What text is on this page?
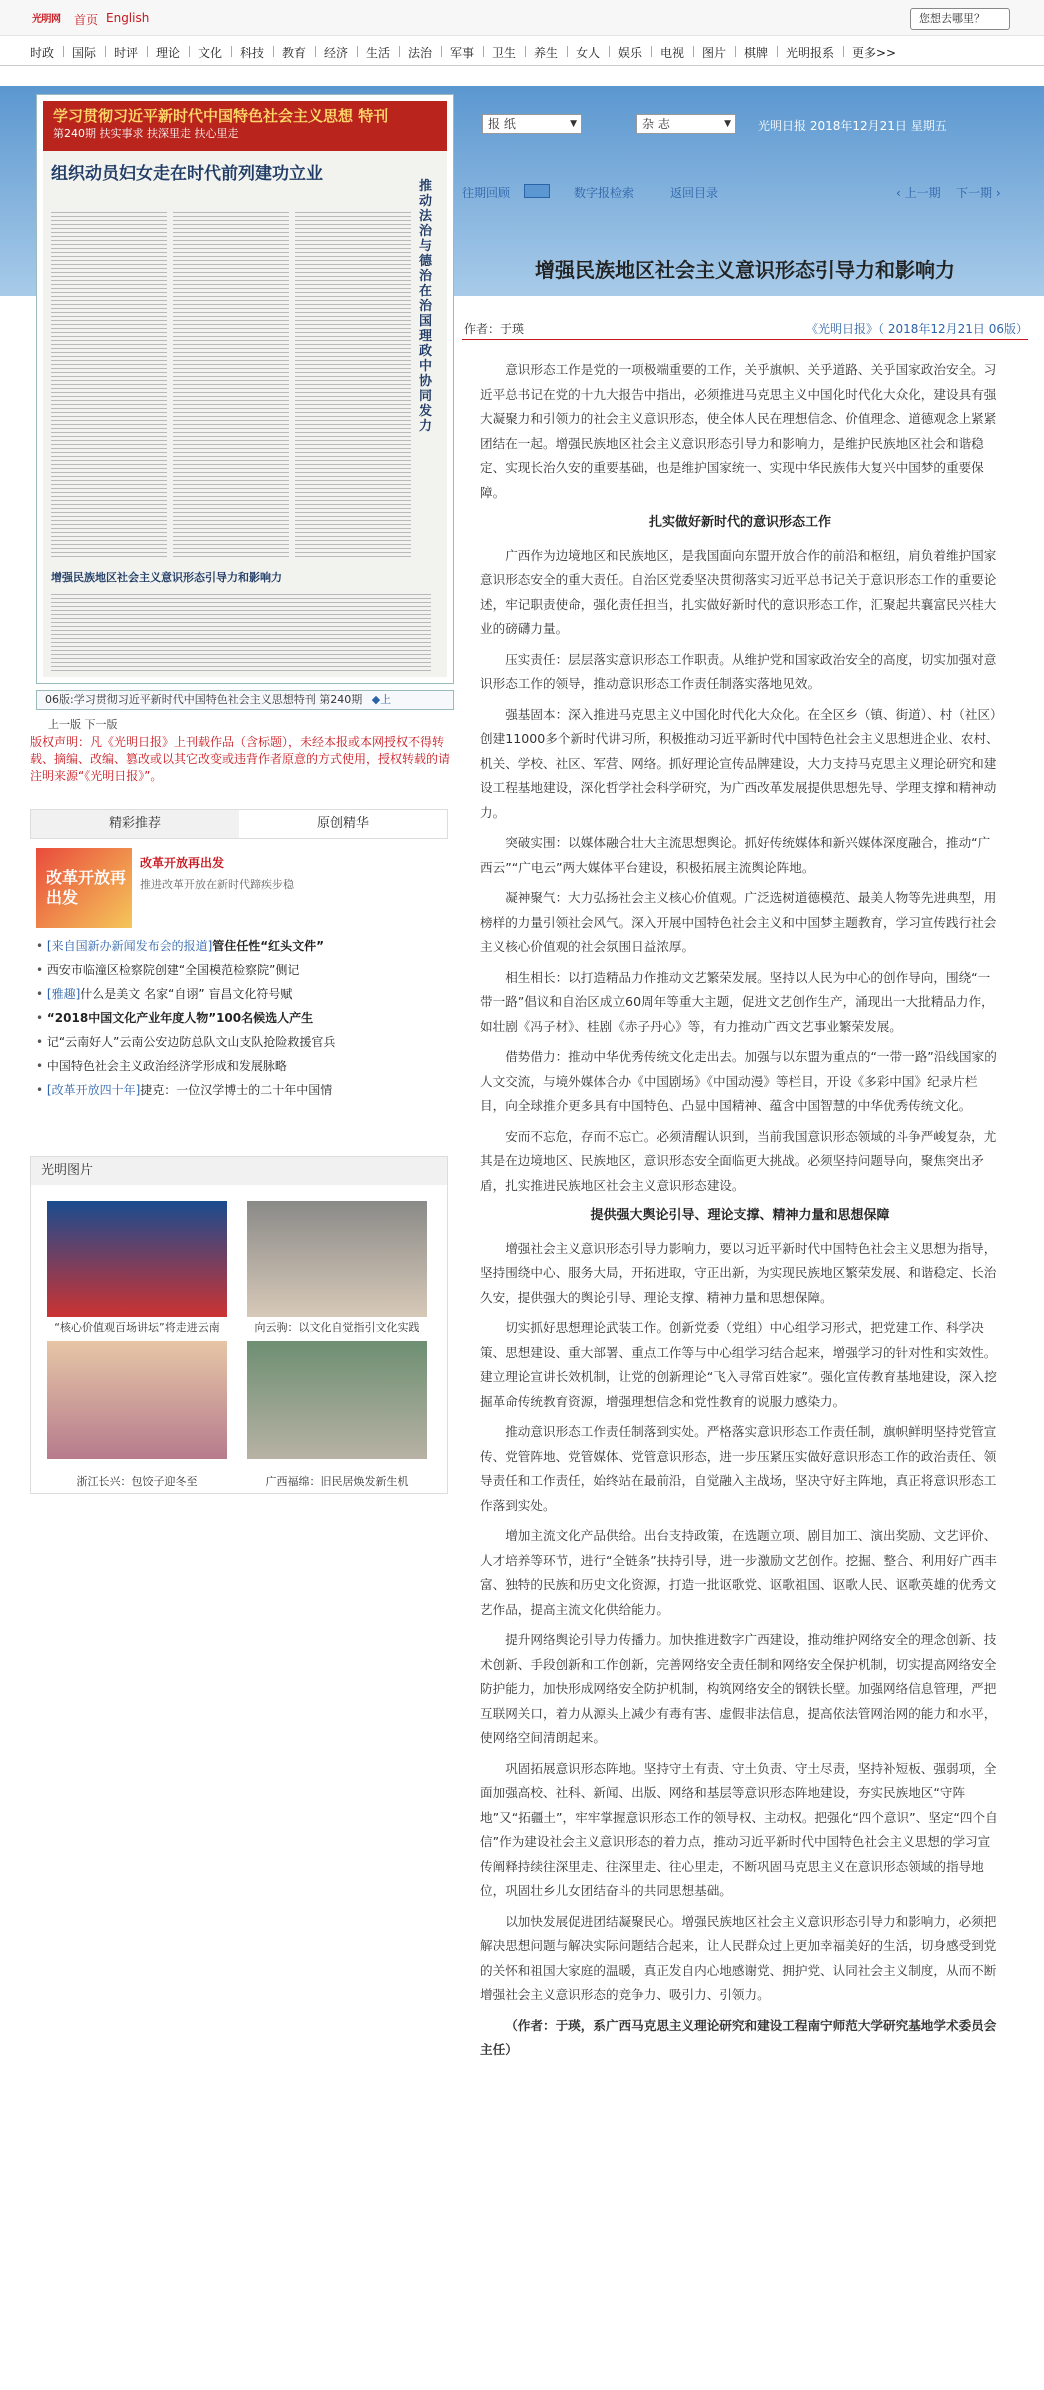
光明网	首页 English	您想去哪里？
时政 国际 时评 理论 文化 科技 教育 经济 生活 法治 军事 卫生 养生 女人 娱乐 电视 图片 棋牌 光明报系 更多>>
学习贯彻习近平新时代中国特色社会主义思想 特刊
第240期 扶实事求 扶深里走 扶心里走
组织动员妇女走在时代前列建功立业
推动法治与德治在治国理政中协同发力
增强民族地区社会主义意识形态引导力和影响力
06版:学习贯彻习近平新时代中国特色社会主义思想特刊 第240期 ◆上
上一版 下一版
版权声明：凡《光明日报》上刊载作品（含标题），未经本报或本网授权不得转载、摘编、改编、篡改或以其它改变或违背作者原意的方式使用，授权转载的请注明来源“《光明日报》”。
精彩推荐	原创精华
改革开放再出发
改革开放再出发
推进改革开放在新时代蹄疾步稳
• [来自国新办新闻发布会的报道]管住任性“红头文件”
• 西安市临潼区检察院创建“全国模范检察院”侧记
• [雅趣]什么是美文 名家“自诩” 盲昌文化符号赋
• “2018中国文化产业年度人物”100名候选人产生
• 记“云南好人”云南公安边防总队文山支队抢险救援官兵
• 中国特色社会主义政治经济学形成和发展脉略
• [改革开放四十年]捷克：一位汉学博士的二十年中国情
光明图片
“核心价值观百场讲坛”将走进云南	向云驹：以文化自觉指引文化实践
浙江长兴：包饺子迎冬至	广西福绵：旧民居焕发新生机
报 纸 ▼	杂 志 ▼	光明日报 2018年12月21日 星期五
往期回顾	数字报检索	返回目录	‹ 上一期 下一期 ›
增强民族地区社会主义意识形态引导力和影响力
作者：于瑛	《光明日报》（ 2018年12月21日 06版）

意识形态工作是党的一项极端重要的工作，关乎旗帜、关乎道路、关乎国家政治安全。习近平总书记在党的十九大报告中指出，必须推进马克思主义中国化时代化大众化，建设具有强大凝聚力和引领力的社会主义意识形态，使全体人民在理想信念、价值理念、道德观念上紧紧团结在一起。增强民族地区社会主义意识形态引导力和影响力，是维护民族地区社会和谐稳定、实现长治久安的重要基础，也是维护国家统一、实现中华民族伟大复兴中国梦的重要保障。

扎实做好新时代的意识形态工作

广西作为边境地区和民族地区，是我国面向东盟开放合作的前沿和枢纽，肩负着维护国家意识形态安全的重大责任。自治区党委坚决贯彻落实习近平总书记关于意识形态工作的重要论述，牢记职责使命，强化责任担当，扎实做好新时代的意识形态工作，汇聚起共襄富民兴桂大业的磅礴力量。

压实责任：层层落实意识形态工作职责。从维护党和国家政治安全的高度，切实加强对意识形态工作的领导，推动意识形态工作责任制落实落地见效。

强基固本：深入推进马克思主义中国化时代化大众化。在全区乡（镇、街道）、村（社区）创建11000多个新时代讲习所，积极推动习近平新时代中国特色社会主义思想进企业、农村、机关、学校、社区、军营、网络。抓好理论宣传品牌建设，大力支持马克思主义理论研究和建设工程基地建设，深化哲学社会科学研究，为广西改革发展提供思想先导、学理支撑和精神动力。

突破实围：以媒体融合壮大主流思想舆论。抓好传统媒体和新兴媒体深度融合，推动“广西云”“广电云”两大媒体平台建设，积极拓展主流舆论阵地。

凝神聚气：大力弘扬社会主义核心价值观。广泛选树道德模范、最美人物等先进典型，用榜样的力量引领社会风气。深入开展中国特色社会主义和中国梦主题教育，学习宣传践行社会主义核心价值观的社会氛围日益浓厚。

相生相长：以打造精品力作推动文艺繁荣发展。坚持以人民为中心的创作导向，围绕“一带一路”倡议和自治区成立60周年等重大主题，促进文艺创作生产，涌现出一大批精品力作，如壮剧《冯子材》、桂剧《赤子丹心》等，有力推动广西文艺事业繁荣发展。

借势借力：推动中华优秀传统文化走出去。加强与以东盟为重点的“一带一路”沿线国家的人文交流，与境外媒体合办《中国剧场》《中国动漫》等栏目，开设《多彩中国》纪录片栏目，向全球推介更多具有中国特色、凸显中国精神、蕴含中国智慧的中华优秀传统文化。

安而不忘危，存而不忘亡。必须清醒认识到，当前我国意识形态领域的斗争严峻复杂，尤其是在边境地区、民族地区，意识形态安全面临更大挑战。必须坚持问题导向，聚焦突出矛盾，扎实推进民族地区社会主义意识形态建设。

提供强大舆论引导、理论支撑、精神力量和思想保障

增强社会主义意识形态引导力影响力，要以习近平新时代中国特色社会主义思想为指导，坚持围绕中心、服务大局，开拓进取，守正出新，为实现民族地区繁荣发展、和谐稳定、长治久安，提供强大的舆论引导、理论支撑、精神力量和思想保障。

切实抓好思想理论武装工作。创新党委（党组）中心组学习形式，把党建工作、科学决策、思想建设、重大部署、重点工作等与中心组学习结合起来，增强学习的针对性和实效性。建立理论宣讲长效机制，让党的创新理论“飞入寻常百姓家”。强化宣传教育基地建设，深入挖掘革命传统教育资源，增强理想信念和党性教育的说服力感染力。

推动意识形态工作责任制落到实处。严格落实意识形态工作责任制，旗帜鲜明坚持党管宣传、党管阵地、党管媒体、党管意识形态，进一步压紧压实做好意识形态工作的政治责任、领导责任和工作责任，始终站在最前沿，自觉融入主战场，坚决守好主阵地，真正将意识形态工作落到实处。

增加主流文化产品供给。出台支持政策，在选题立项、剧目加工、演出奖励、文艺评价、人才培养等环节，进行“全链条”扶持引导，进一步激励文艺创作。挖掘、整合、利用好广西丰富、独特的民族和历史文化资源，打造一批讴歌党、讴歌祖国、讴歌人民、讴歌英雄的优秀文艺作品，提高主流文化供给能力。

提升网络舆论引导力传播力。加快推进数字广西建设，推动维护网络安全的理念创新、技术创新、手段创新和工作创新，完善网络安全责任制和网络安全保护机制，切实提高网络安全防护能力，加快形成网络安全防护机制，构筑网络安全的钢铁长壁。加强网络信息管理，严把互联网关口，着力从源头上减少有毒有害、虚假非法信息，提高依法管网治网的能力和水平，使网络空间清朗起来。

巩固拓展意识形态阵地。坚持守土有责、守土负责、守土尽责，坚持补短板、强弱项，全面加强高校、社科、新闻、出版、网络和基层等意识形态阵地建设，夯实民族地区“守阵地”又“拓疆土”，牢牢掌握意识形态工作的领导权、主动权。把强化“四个意识”、坚定“四个自信”作为建设社会主义意识形态的着力点，推动习近平新时代中国特色社会主义思想的学习宣传阐释持续往深里走、往深里走、往心里走，不断巩固马克思主义在意识形态领域的指导地位，巩固壮乡儿女团结奋斗的共同思想基础。

以加快发展促进团结凝聚民心。增强民族地区社会主义意识形态引导力和影响力，必须把解决思想问题与解决实际问题结合起来，让人民群众过上更加幸福美好的生活，切身感受到党的关怀和祖国大家庭的温暖，真正发自内心地感谢党、拥护党、认同社会主义制度，从而不断增强社会主义意识形态的竞争力、吸引力、引领力。

（作者：于瑛，系广西马克思主义理论研究和建设工程南宁师范大学研究基地学术委员会主任）
